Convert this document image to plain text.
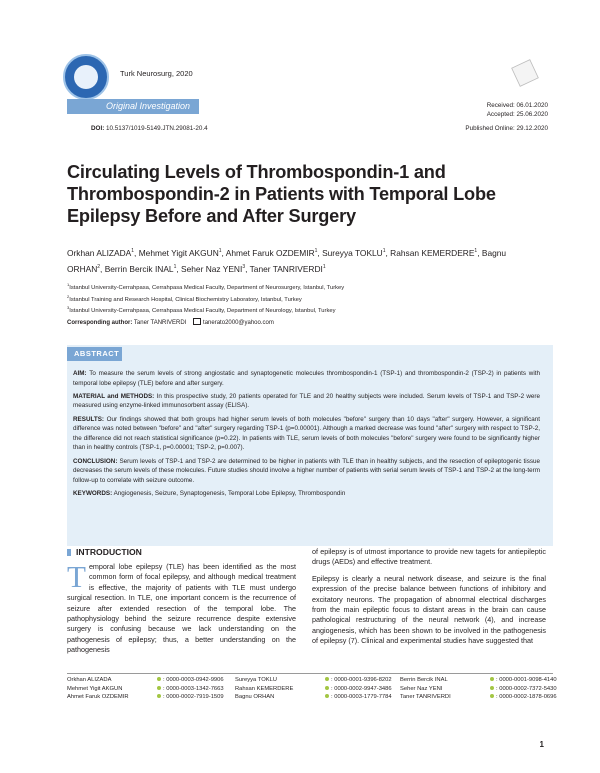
Turk Neurosurg, 2020
Original Investigation	Received: 06.01.2020
Accepted: 25.06.2020
DOI: 10.5137/1019-5149.JTN.29081-20.4	Published Online: 29.12.2020
Circulating Levels of Thrombospondin-1 and Thrombospondin-2 in Patients with Temporal Lobe Epilepsy Before and After Surgery
Orkhan ALIZADA$^1$, Mehmet Yigit AKGUN$^1$, Ahmet Faruk OZDEMIR$^1$, Sureyya TOKLU$^1$, Rahsan KEMERDERE$^1$, Bagnu ORHAN$^2$, Berrin Bercik INAL$^1$, Seher Naz YENI$^3$, Taner TANRIVERDI$^1$
$^1$Istanbul University-Cerrahpasa, Cerrahpasa Medical Faculty, Department of Neurosurgery, Istanbul, Turkey
$^2$Istanbul Training and Research Hospital, Clinical Biochemistry Laboratory, Istanbul, Turkey
$^3$Istanbul University-Cerrahpasa, Cerrahpasa Medical Faculty, Department of Neurology, Istanbul, Turkey
Corresponding author: Taner TANRIVERDI	tanerato2000@yahoo.com
ABSTRACT

AIM: To measure the serum levels of strong angiostatic and synaptogenetic molecules thrombospondin-1 (TSP-1) and thrombospondin-2 (TSP-2) in patients with temporal lobe epilepsy (TLE) before and after surgery.

MATERIAL and METHODS: In this prospective study, 20 patients operated for TLE and 20 healthy subjects were included. Serum levels of TSP-1 and TSP-2 were measured using enzyme-linked immunosorbent assay (ELISA).

RESULTS: Our findings showed that both groups had higher serum levels of both molecules "before" surgery than 10 days "after" surgery. However, a significant difference was noted between "before" and "after" surgery regarding TSP-1 (p=0.00001). Although a marked decrease was found "after" surgery with respect to TSP-2, the difference did not reach statistical significance (p=0.22). In patients with TLE, serum levels of both molecules "before" surgery were found to be significantly higher than in healthy controls (TSP-1, p=0.00001; TSP-2, p=0.007).

CONCLUSION: Serum levels of TSP-1 and TSP-2 are determined to be higher in patients with TLE than in healthy subjects, and the resection of epileptogenic tissue decreases the serum levels of these molecules. Future studies should involve a higher number of patients with serial serum levels of TSP-1 and TSP-2 at the long-term follow-up to correlate with seizure outcome.

KEYWORDS: Angiogenesis, Seizure, Synaptogenesis, Temporal Lobe Epilepsy, Thrombospondin

INTRODUCTION
Temporal lobe epilepsy (TLE) has been identified as the most common form of focal epilepsy, and although medical treatment is effective, the majority of patients with TLE must undergo surgical resection. In TLE, one important concern is the recurrence of seizure after extended resection of the temporal lobe. The pathophysiology behind the seizure recurrence despite extensive surgery is confusing because we lack understanding on the pathogenesis of epilepsy; thus, a better understanding on the pathogenesis

of epilepsy is of utmost importance to provide new tagets for antiepileptic drugs (AEDs) and effective treatment.

Epilepsy is clearly a neural network disease, and seizure is the final expression of the precise balance between functions of inhibitory and excitatory neurons. The propagation of abnormal electrical discharges from the main epileptic focus to distant areas in the brain can cause pathological restructuring of the neural network (4), and increase angiogenesis, which has been shown to be involved in the pathogenesis of epilepsy (7). Clinical and experimental studies have suggested that

Orkhan ALIZADA	: 0000-0003-0942-9906
Mehmet Yigit AKGUN	: 0000-0003-1342-7663
Ahmet Faruk OZDEMIR	: 0000-0002-7919-1509
Sureyya TOKLU	: 0000-0001-9396-8202
Rahsan KEMERDERE	: 0000-0002-9947-3486
Bagnu ORHAN	: 0000-0003-1779-7784
Berrin Bercik INAL	: 0000-0001-9098-4140
Seher Naz YENI	: 0000-0002-7372-5430
Taner TANRIVERDI	: 0000-0002-1878-0696
1
